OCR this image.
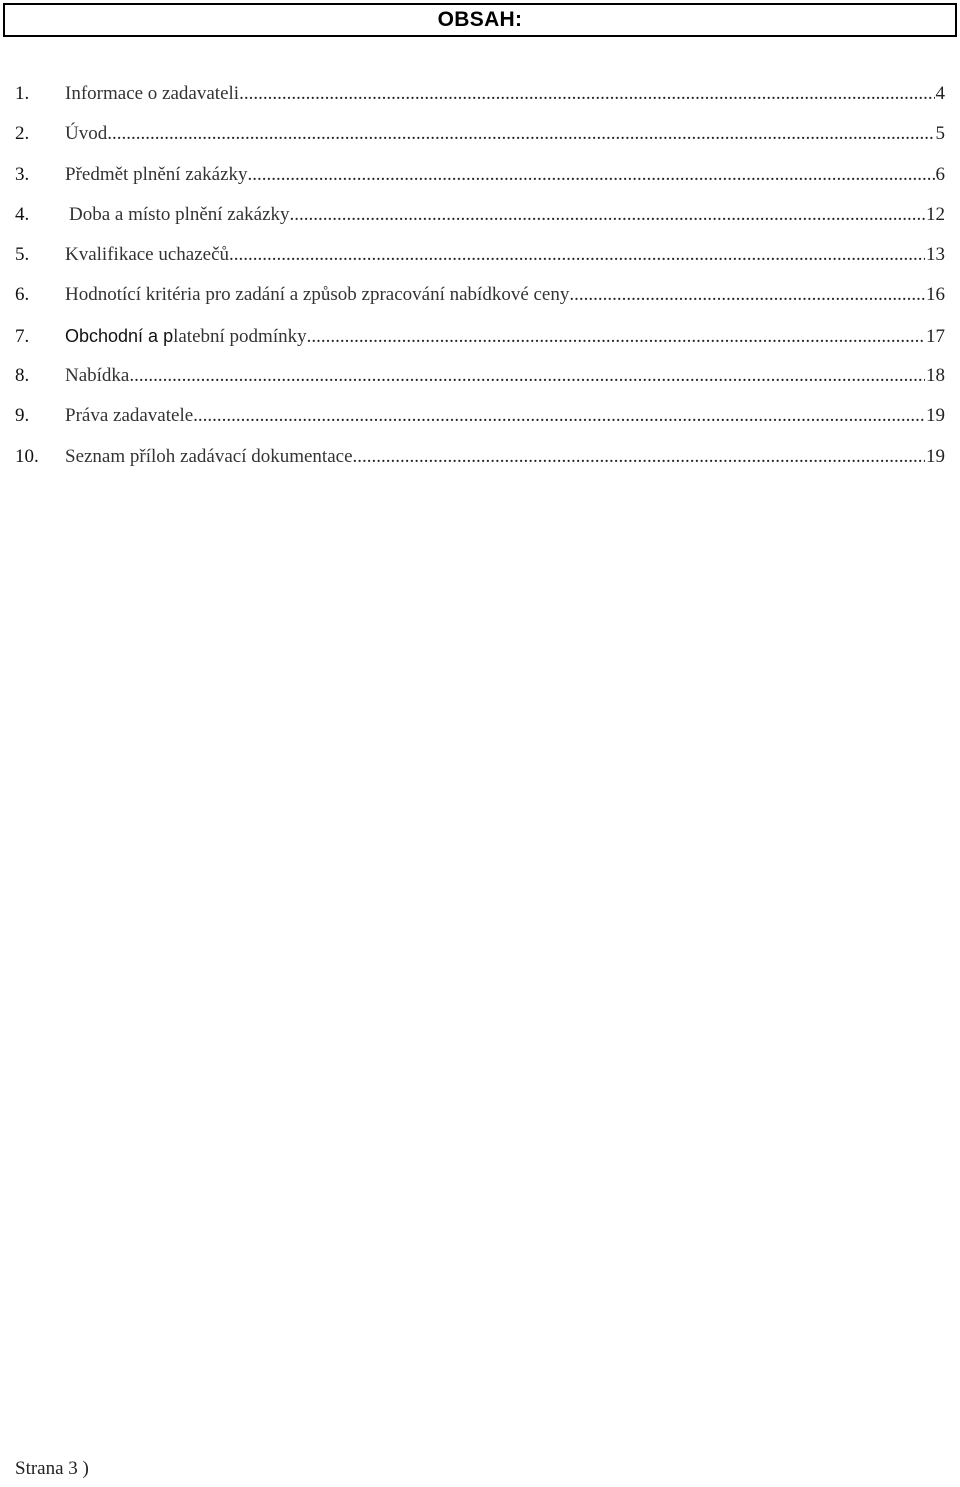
OBSAH:
1.	Informace o zadavateli .....	4
2.	Úvod .....	5
3.	Předmět plnění zakázky .....	6
4.	Doba a místo plnění zakázky .....	12
5.	Kvalifikace uchazečů .....	13
6.	Hodnotící kritéria pro zadání a způsob zpracování nabídkové ceny .....	16
7.	Obchodní a p latební podmínky .....	17
8.	Nabídka .....	18
9.	Práva zadavatele .....	19
10.	Seznam příloh zadávací dokumentace .....	19
Strana 3 )
